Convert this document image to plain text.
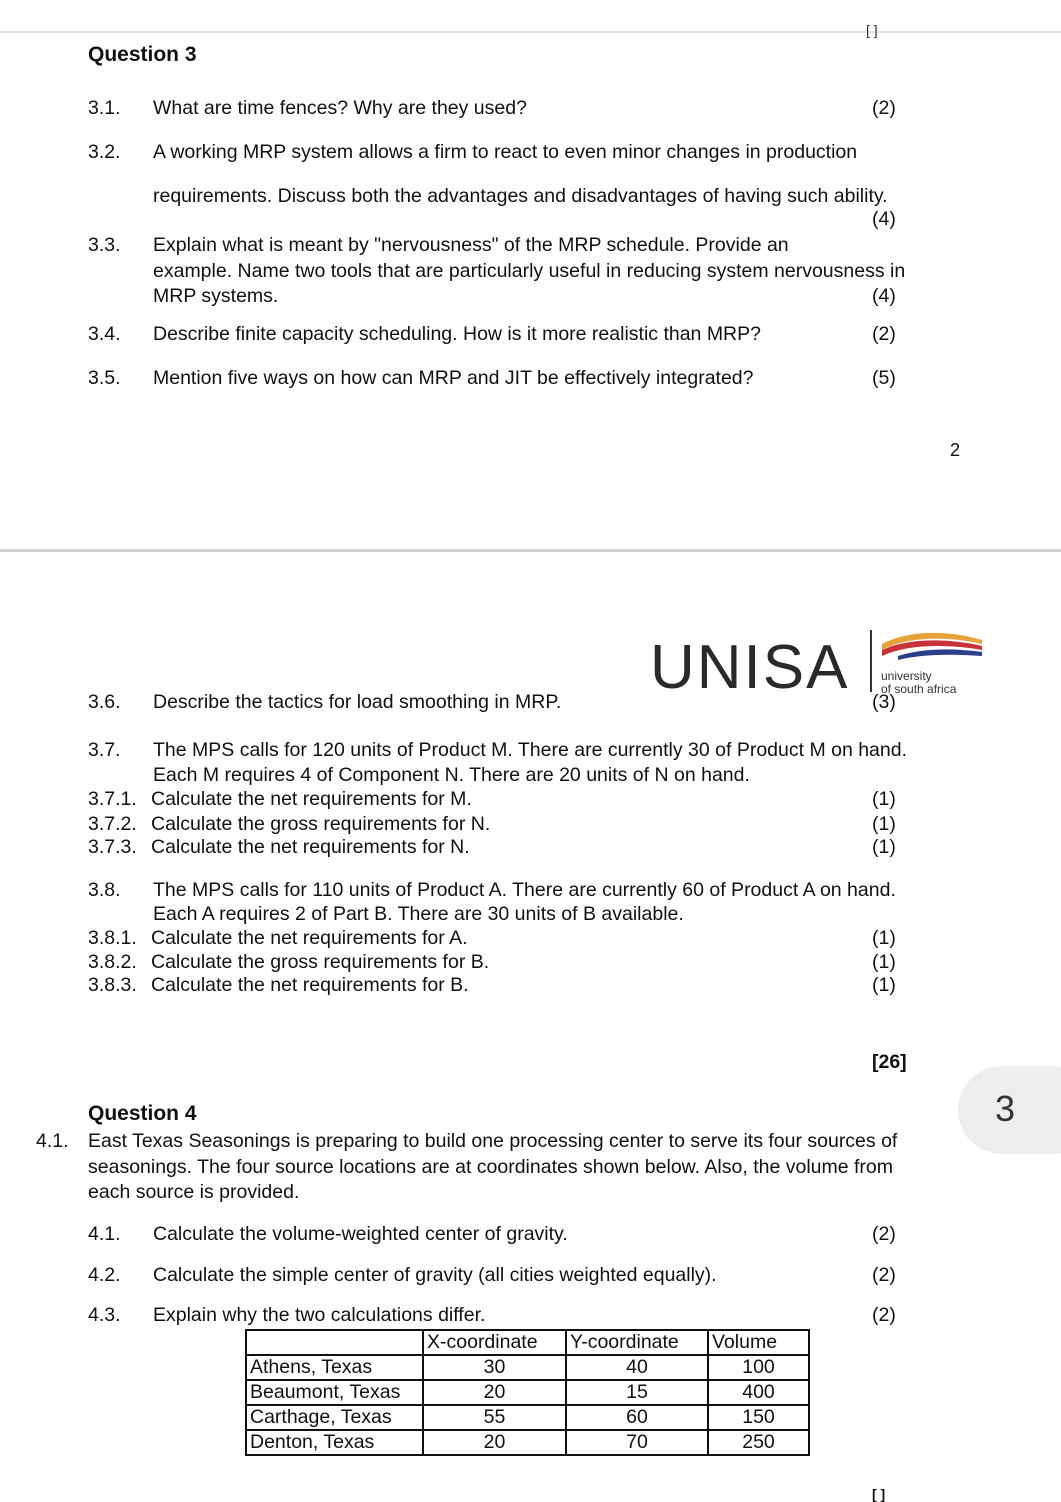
[ ]
Question 3
3.1. What are time fences? Why are they used?	(2)
3.2. A working MRP system allows a firm to react to even minor changes in production
requirements. Discuss both the advantages and disadvantages of having such ability.
(4)
3.3. Explain what is meant by "nervousness" of the MRP schedule. Provide an
example. Name two tools that are particularly useful in reducing system nervousness in
MRP systems.	(4)
3.4. Describe finite capacity scheduling. How is it more realistic than MRP?	(2)
3.5. Mention five ways on how can MRP and JIT be effectively integrated?	(5)
2
UNISA	university
of south africa
3.6. Describe the tactics for load smoothing in MRP.	(3)
3.7. The MPS calls for 120 units of Product M. There are currently 30 of Product M on hand.
Each M requires 4 of Component N. There are 20 units of N on hand.
3.7.1. Calculate the net requirements for M.	(1)
3.7.2. Calculate the gross requirements for N.	(1)
3.7.3. Calculate the net requirements for N.	(1)
3.8. The MPS calls for 110 units of Product A. There are currently 60 of Product A on hand.
Each A requires 2 of Part B. There are 30 units of B available.
3.8.1. Calculate the net requirements for A.	(1)
3.8.2. Calculate the gross requirements for B.	(1)
3.8.3. Calculate the net requirements for B.	(1)
[26]
3
Question 4
4.1. East Texas Seasonings is preparing to build one processing center to serve its four sources of
seasonings. The four source locations are at coordinates shown below. Also, the volume from
each source is provided.
4.1. Calculate the volume-weighted center of gravity.	(2)
4.2. Calculate the simple center of gravity (all cities weighted equally).	(2)
4.3. Explain why the two calculations differ.	(2)
	X-coordinate	Y-coordinate	Volume
Athens, Texas	30	40	100
Beaumont, Texas	20	15	400
Carthage, Texas	55	60	150
Denton, Texas	20	70	250
[ ]
